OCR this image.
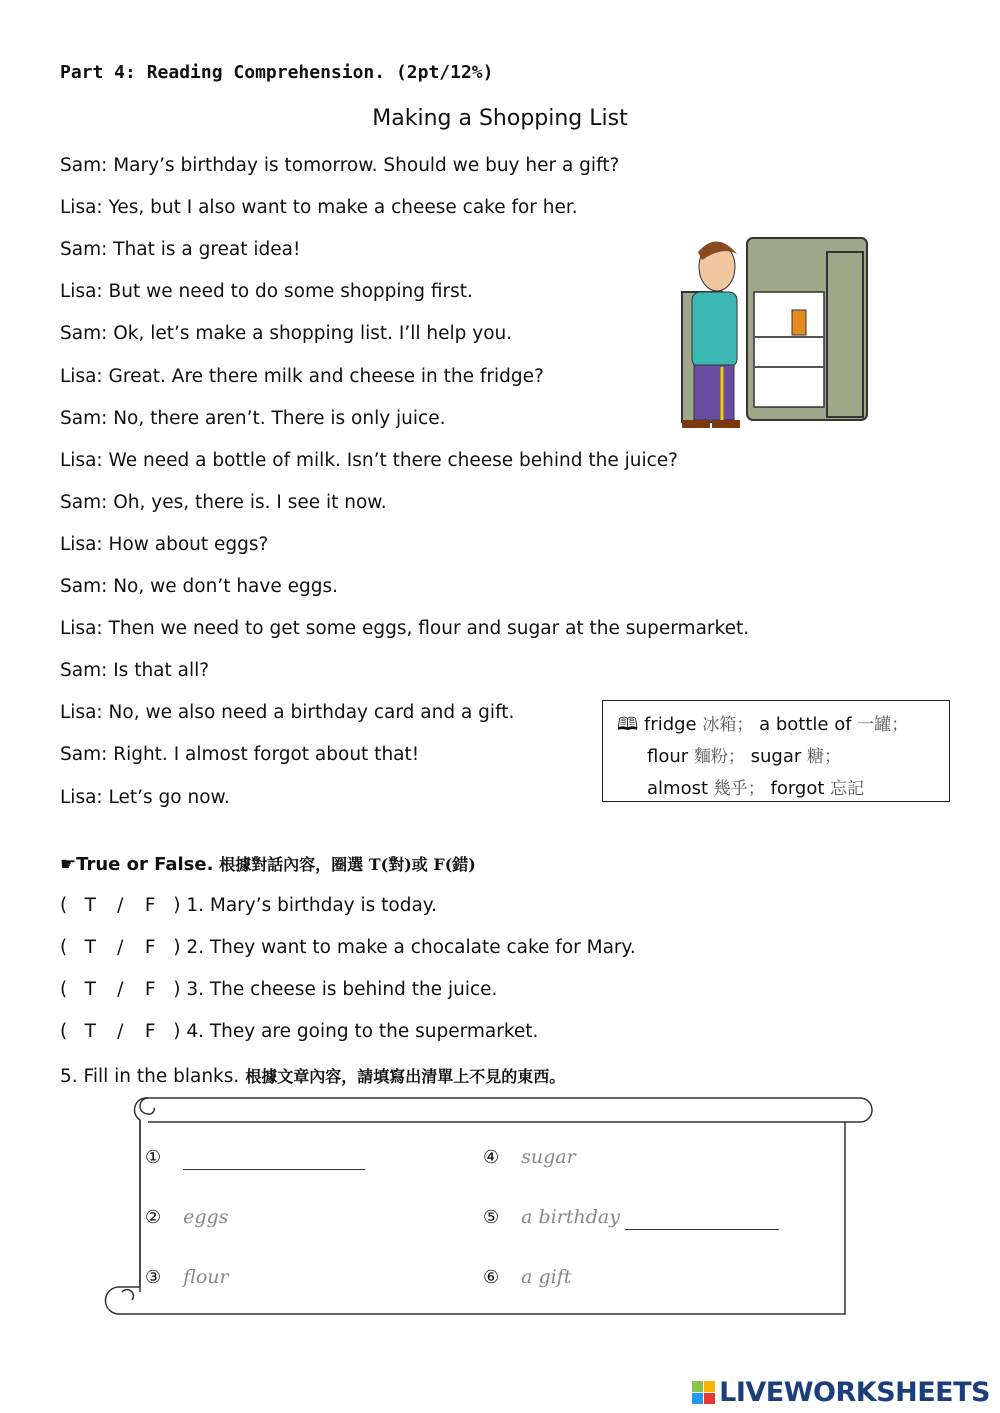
Part 4: Reading Comprehension. (2pt/12%)
Making a Shopping List
Sam: Mary’s birthday is tomorrow. Should we buy her a gift?
Lisa: Yes, but I also want to make a cheese cake for her.
Sam: That is a great idea!
Lisa: But we need to do some shopping first.
Sam: Ok, let’s make a shopping list. I’ll help you.
Lisa: Great. Are there milk and cheese in the fridge?
Sam: No, there aren’t. There is only juice.
Lisa: We need a bottle of milk. Isn’t there cheese behind the juice?
Sam: Oh, yes, there is. I see it now.
Lisa: How about eggs?
Sam: No, we don’t have eggs.
Lisa: Then we need to get some eggs, flour and sugar at the supermarket.
Sam: Is that all?
Lisa: No, we also need a birthday card and a gift.
Sam: Right. I almost forgot about that!
Lisa: Let’s go now.
🕮 fridge 冰箱； a bottle of 一罐；
flour 麵粉； sugar 糖；
almost 幾乎； forgot 忘記
☛True or False. 根據對話內容，圈選 T(對)或 F(錯)
( T / F ) 1. Mary’s birthday is today.
( T / F ) 2. They want to make a chocalate cake for Mary.
( T / F ) 3. The cheese is behind the juice.
( T / F ) 4. They are going to the supermarket.
5. Fill in the blanks. 根據文章內容，請填寫出清單上不見的東西。
①
② eggs
③ flour
④ sugar
⑤ a birthday
⑥ a gift
LIVEWORKSHEETS
